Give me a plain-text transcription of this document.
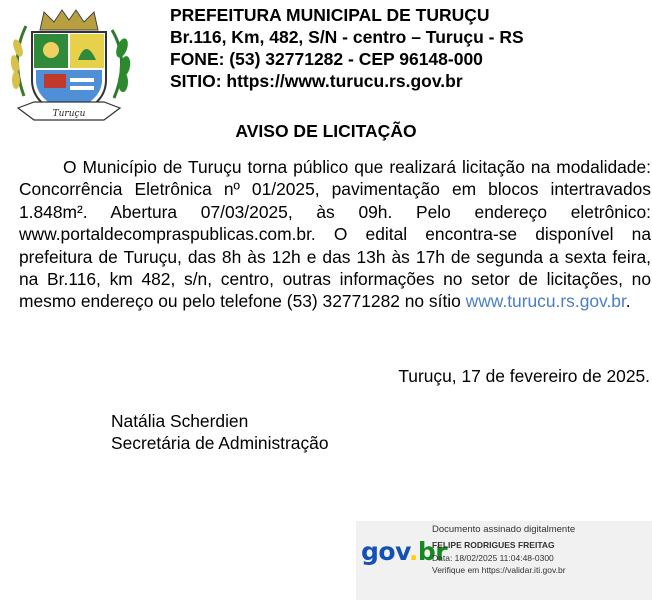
Turuçu
PREFEITURA MUNICIPAL DE TURUÇU
Br.116, Km, 482, S/N - centro – Turuçu - RS
FONE: (53) 32771282 - CEP 96148-000
SITIO: https://www.turucu.rs.gov.br
AVISO DE LICITAÇÃO
O Município de Turuçu torna público que realizará licitação na modalidade: Concorrência Eletrônica nº 01/2025, pavimentação em blocos intertravados 1.848m². Abertura 07/03/2025, às 09h. Pelo endereço eletrônico: www.portaldecompraspublicas.com.br. O edital encontra-se disponível na prefeitura de Turuçu, das 8h às 12h e das 13h às 17h de segunda a sexta feira, na Br.116, km 482, s/n, centro, outras informações no setor de licitações, no mesmo endereço ou pelo telefone (53) 32771282 no sítio www.turucu.rs.gov.br.
Turuçu, 17 de fevereiro de 2025.
Natália Scherdien
Secretária de Administração
gov.br
Documento assinado digitalmente
FELIPE RODRIGUES FREITAG
Data: 18/02/2025 11:04:48-0300
Verifique em https://validar.iti.gov.br
